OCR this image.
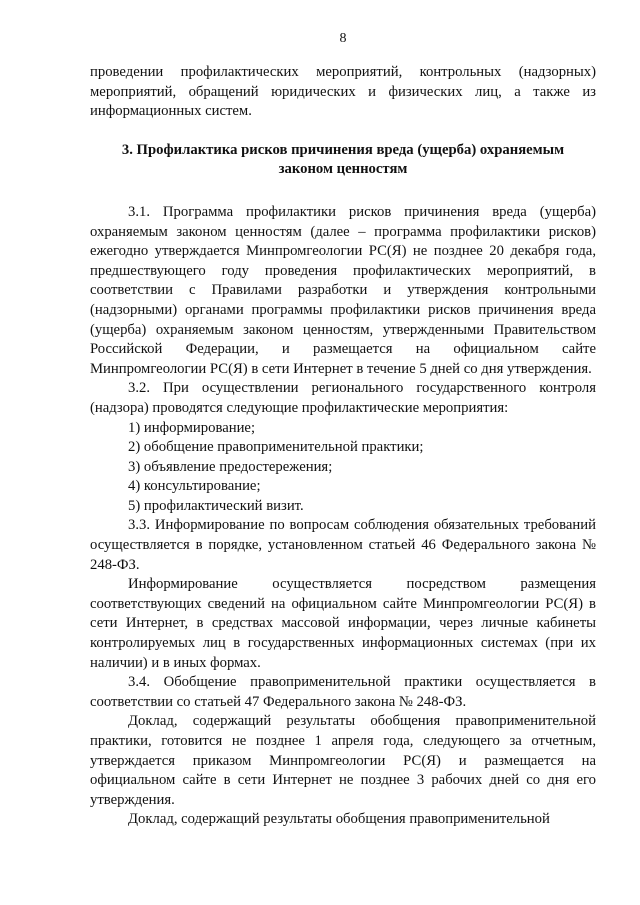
8

проведении профилактических мероприятий, контрольных (надзорных) мероприятий, обращений юридических и физических лиц, а также из информационных систем.

3. Профилактика рисков причинения вреда (ущерба) охраняемым законом ценностям

3.1. Программа профилактики рисков причинения вреда (ущерба) охраняемым законом ценностям (далее – программа профилактики рисков) ежегодно утверждается Минпромгеологии РС(Я) не позднее 20 декабря года, предшествующего году проведения профилактических мероприятий, в соответствии с Правилами разработки и утверждения контрольными (надзорными) органами программы профилактики рисков причинения вреда (ущерба) охраняемым законом ценностям, утвержденными Правительством Российской Федерации, и размещается на официальном сайте Минпромгеологии РС(Я) в сети Интернет в течение 5 дней со дня утверждения.

3.2. При осуществлении регионального государственного контроля (надзора) проводятся следующие профилактические мероприятия:

1) информирование;

2) обобщение правоприменительной практики;

3) объявление предостережения;

4) консультирование;

5) профилактический визит.

3.3. Информирование по вопросам соблюдения обязательных требований осуществляется в порядке, установленном статьей 46 Федерального закона № 248-ФЗ.

Информирование осуществляется посредством размещения соответствующих сведений на официальном сайте Минпромгеологии РС(Я) в сети Интернет, в средствах массовой информации, через личные кабинеты контролируемых лиц в государственных информационных системах (при их наличии) и в иных формах.

3.4. Обобщение правоприменительной практики осуществляется в соответствии со статьей 47 Федерального закона № 248-ФЗ.

Доклад, содержащий результаты обобщения правоприменительной практики, готовится не позднее 1 апреля года, следующего за отчетным, утверждается приказом Минпромгеологии РС(Я) и размещается на официальном сайте в сети Интернет не позднее 3 рабочих дней со дня его утверждения.

Доклад, содержащий результаты обобщения правоприменительной
